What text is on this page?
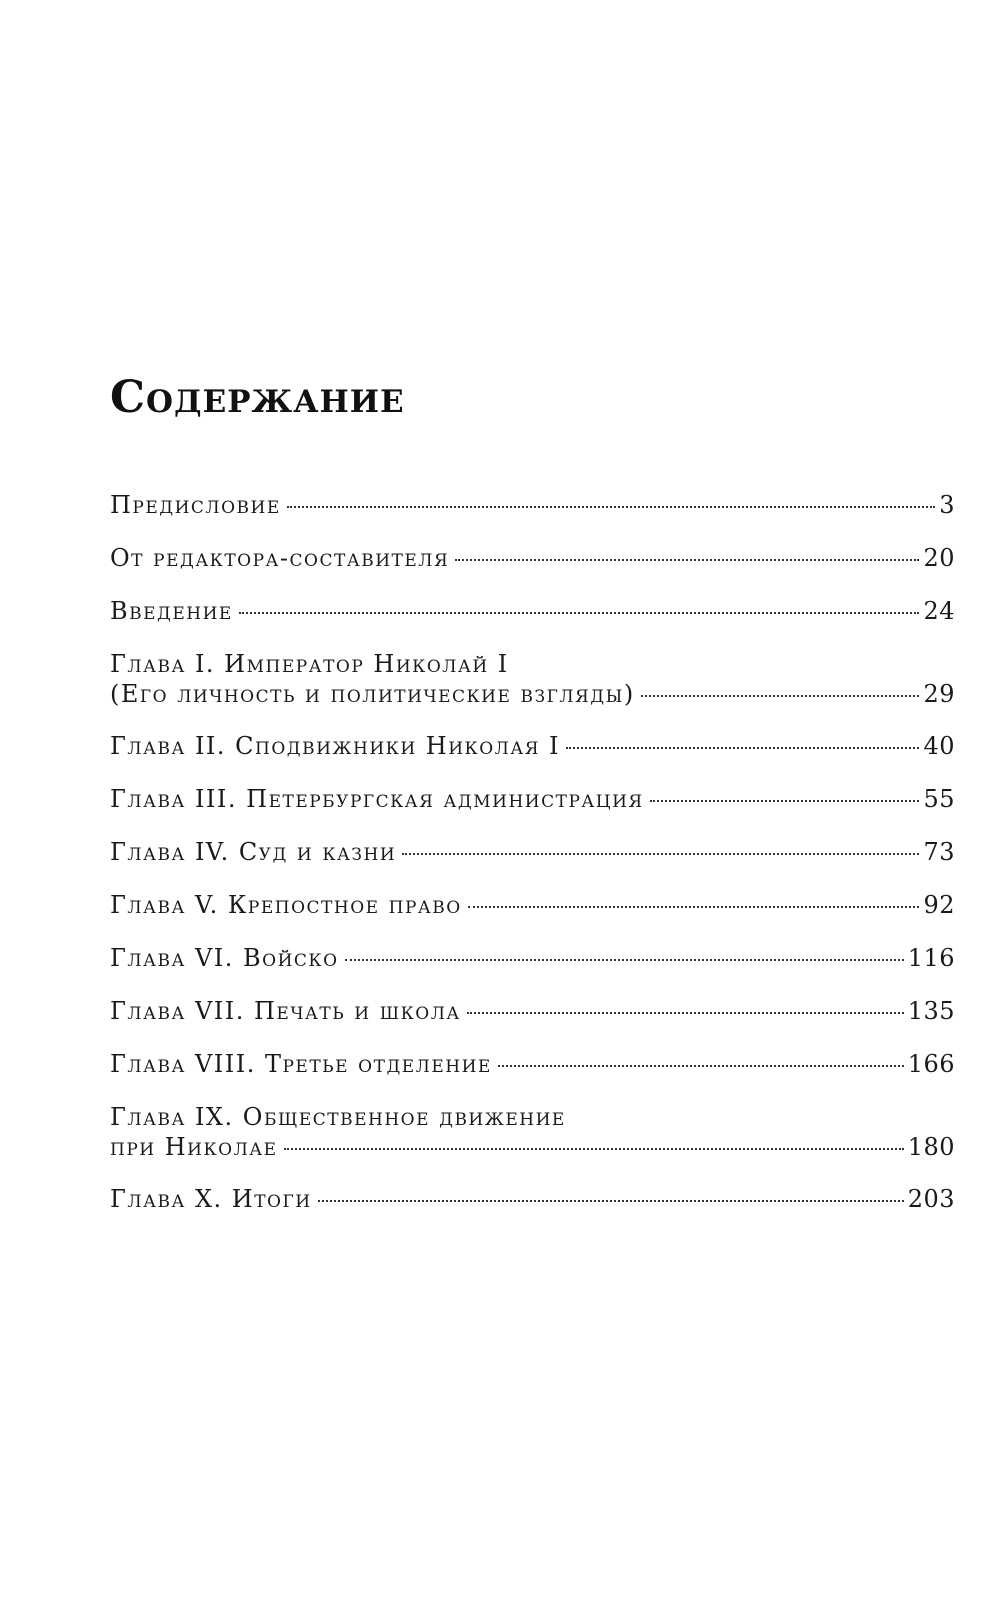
Содержание
Предисловие	3
От редактора-составителя	20
Введение	24
Глава I. Император Николай I
(Его личность и политические взгляды)	29
Глава II. Сподвижники Николая I	40
Глава III. Петербургская администрация	55
Глава IV. Суд и казни	73
Глава V. Крепостное право	92
Глава VI. Войско	116
Глава VII. Печать и школа	135
Глава VIII. Третье отделение	166
Глава IX. Общественное движение
при Николае	180
Глава X. Итоги	203
